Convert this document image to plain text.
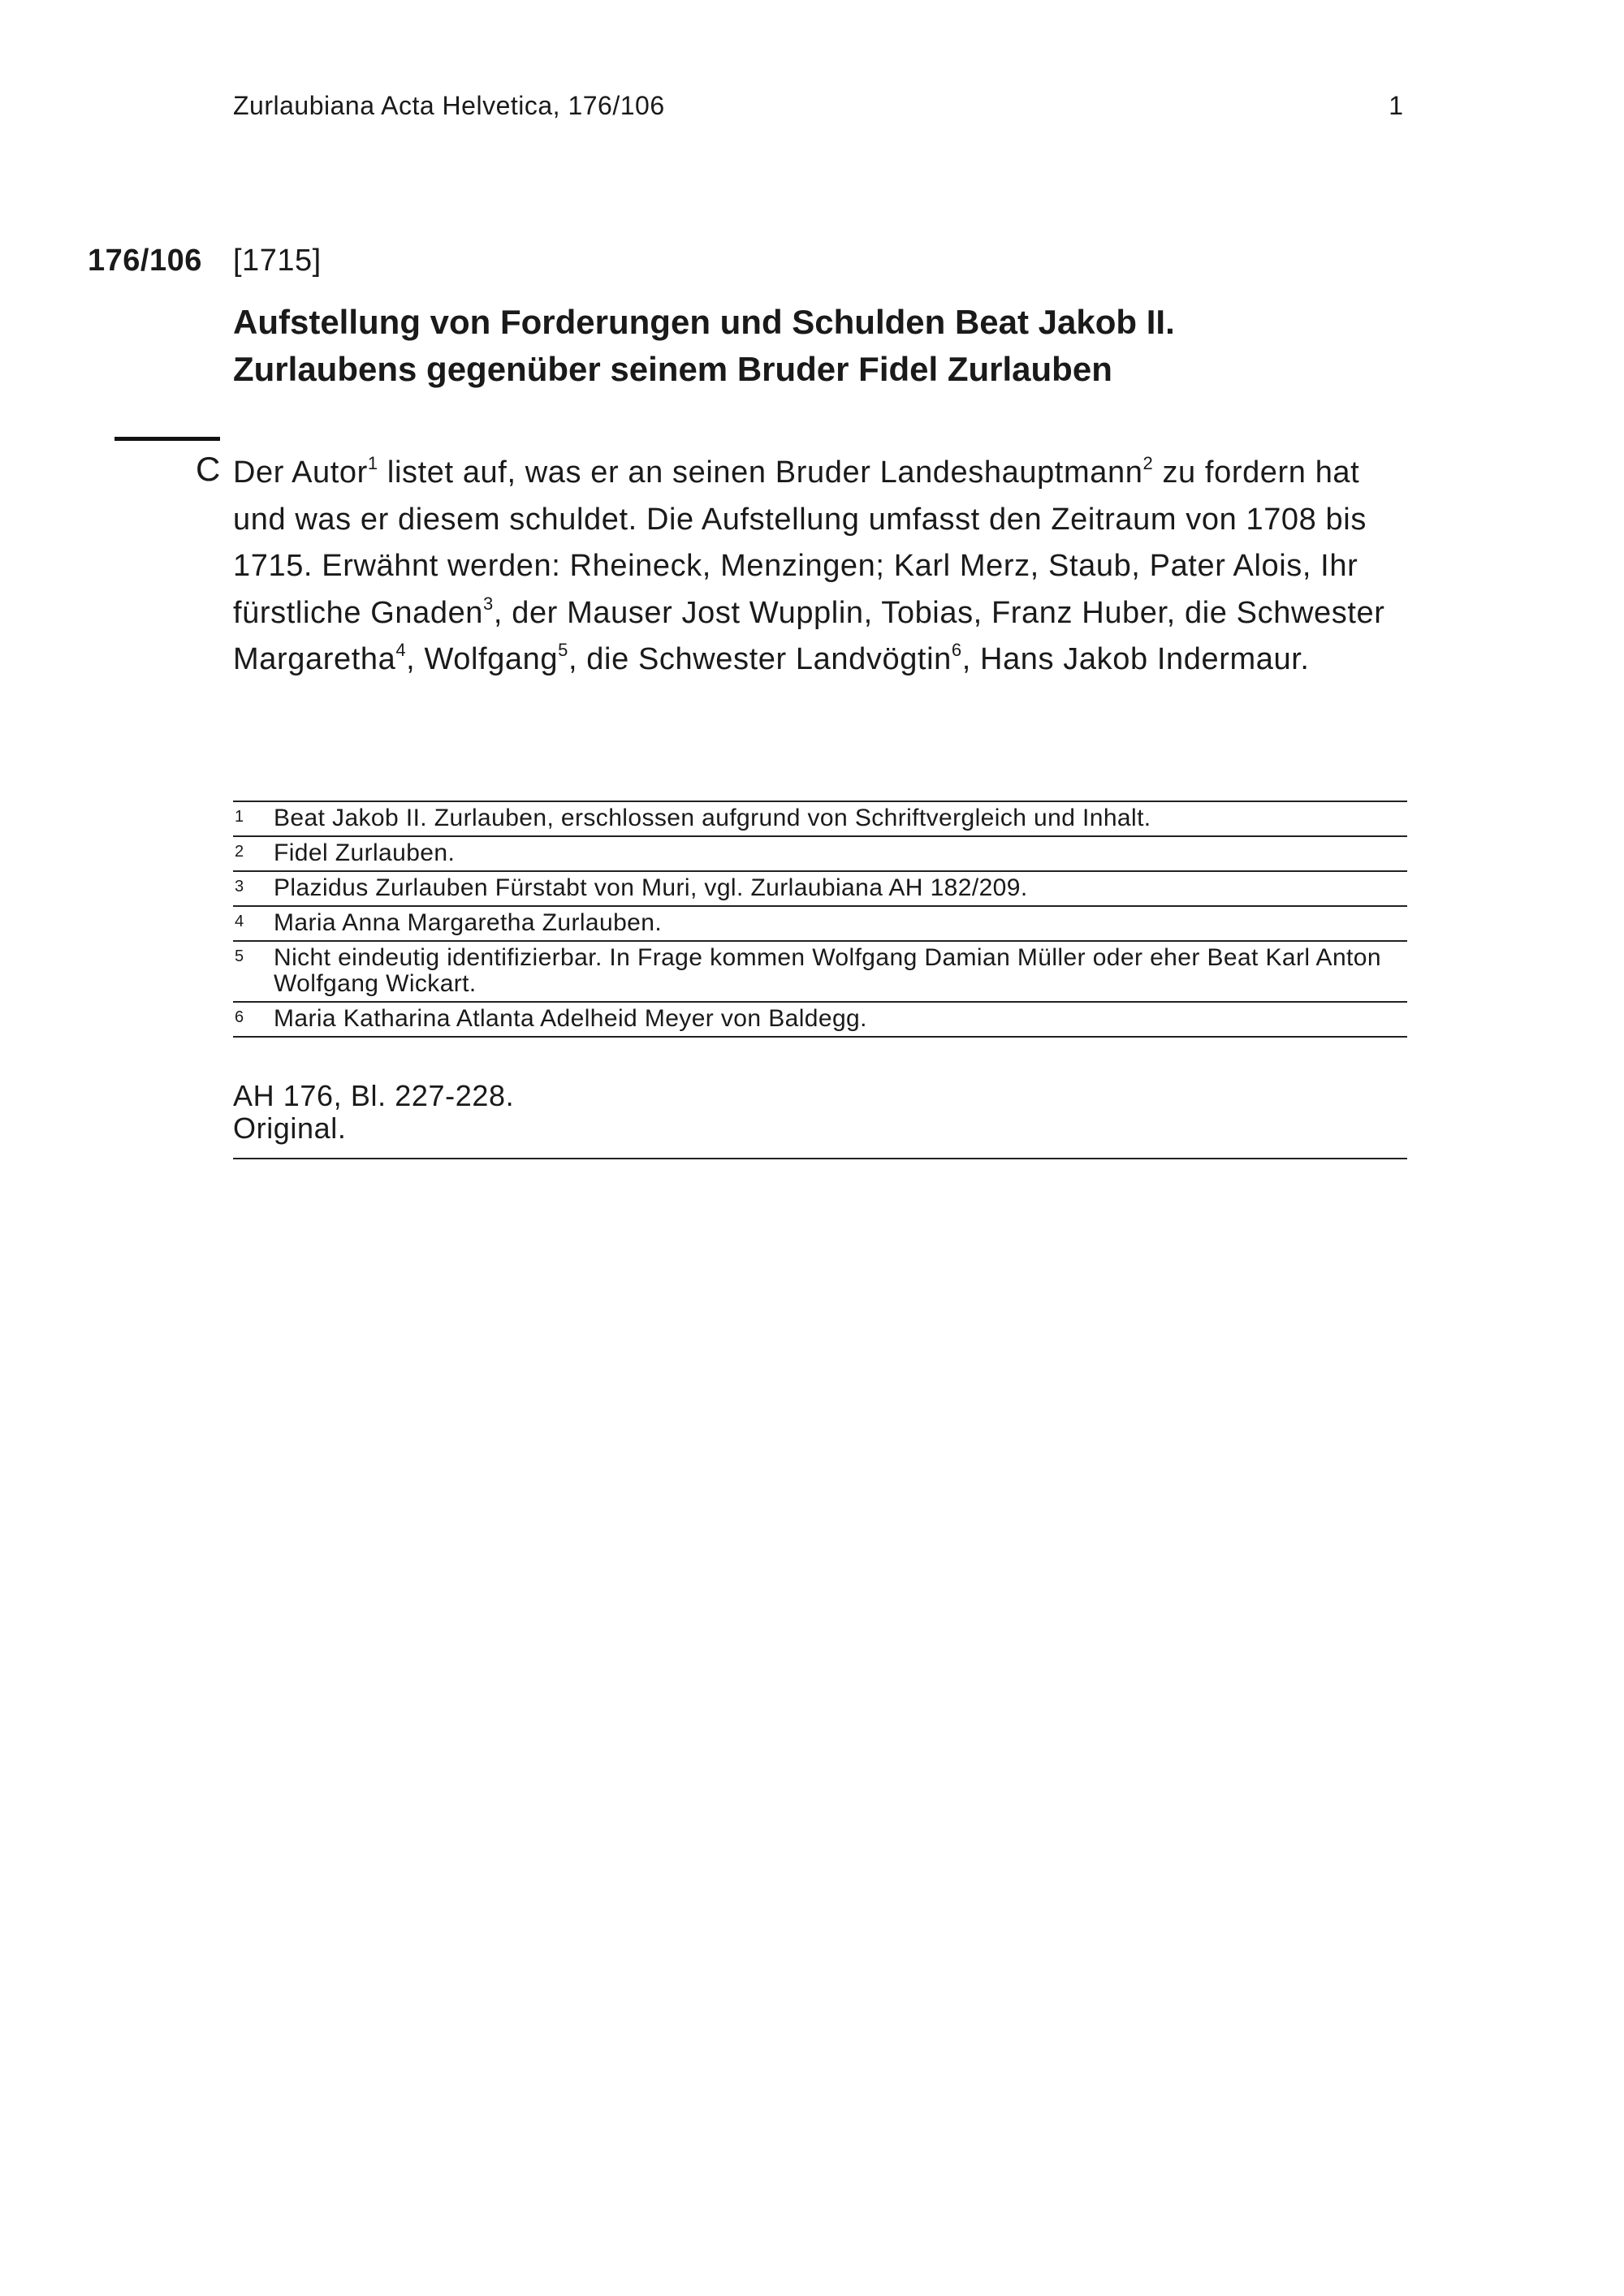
Zurlaubiana Acta Helvetica, 176/106	1
176/106 [1715]
Aufstellung von Forderungen und Schulden Beat Jakob II.
Zurlaubens gegenüber seinem Bruder Fidel Zurlauben
C Der Autor$^1$ listet auf, was er an seinen Bruder Landeshauptmann$^2$ zu fordern hat und was er diesem schuldet. Die Aufstellung umfasst den Zeitraum von 1708 bis 1715. Erwähnt werden: Rheineck, Menzingen; Karl Merz, Staub, Pater Alois, Ihr fürstliche Gnaden$^3$, der Mauser Jost Wupplin, Tobias, Franz Huber, die Schwester Margaretha$^4$, Wolfgang$^5$, die Schwester Landvögtin$^6$, Hans Jakob Indermaur.
1 Beat Jakob II. Zurlauben, erschlossen aufgrund von Schriftvergleich und Inhalt.
2 Fidel Zurlauben.
3 Plazidus Zurlauben Fürstabt von Muri, vgl. Zurlaubiana AH 182/209.
4 Maria Anna Margaretha Zurlauben.
5 Nicht eindeutig identifizierbar. In Frage kommen Wolfgang Damian Müller oder eher Beat Karl Anton Wolfgang Wickart.
6 Maria Katharina Atlanta Adelheid Meyer von Baldegg.
AH 176, Bl. 227-228.
Original.
